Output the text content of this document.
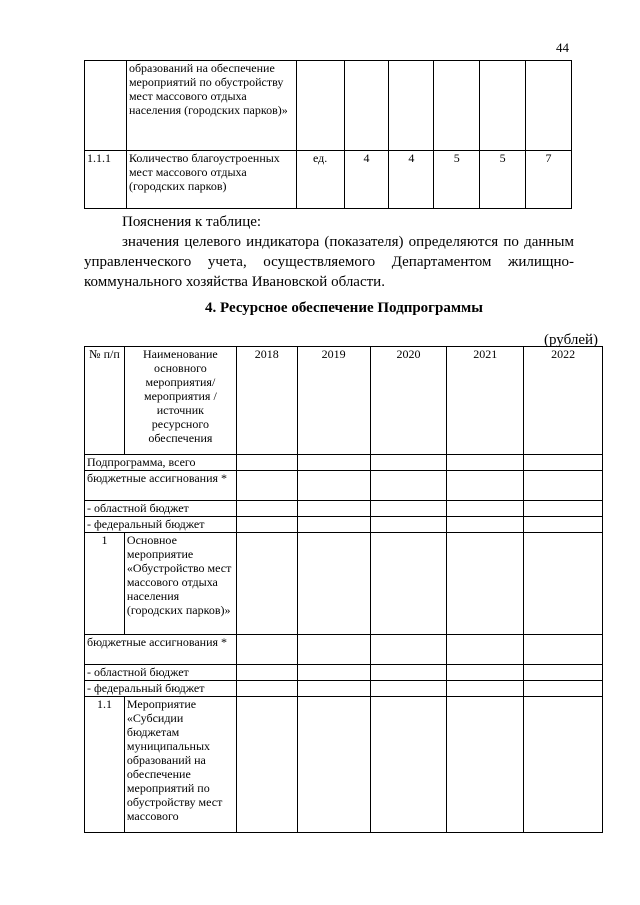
44
	образований на обеспечение мероприятий по обустройству мест массового отдыха населения (городских парков)»						
1.1.1	Количество благоустроенных мест массового отдыха (городских парков)	ед.	4	4	5	5	7
Пояснения к таблице:
значения целевого индикатора (показателя) определяются по данным управленческого учета, осуществляемого Департаментом жилищно-коммунального хозяйства Ивановской области.
4. Ресурсное обеспечение Подпрограммы
(рублей)
№ п/п	Наименование основного мероприятия/ мероприятия /источник ресурсного обеспечения	2018	2019	2020	2021	2022
Подпрограмма, всего						
бюджетные ассигнования *						
- областной бюджет						
- федеральный бюджет						
1	Основное мероприятие «Обустройство мест массового отдыха населения (городских парков)»					
бюджетные ассигнования *						
- областной бюджет						
- федеральный бюджет						
1.1	Мероприятие «Субсидии бюджетам муниципальных образований на обеспечение мероприятий по обустройству мест массового					
